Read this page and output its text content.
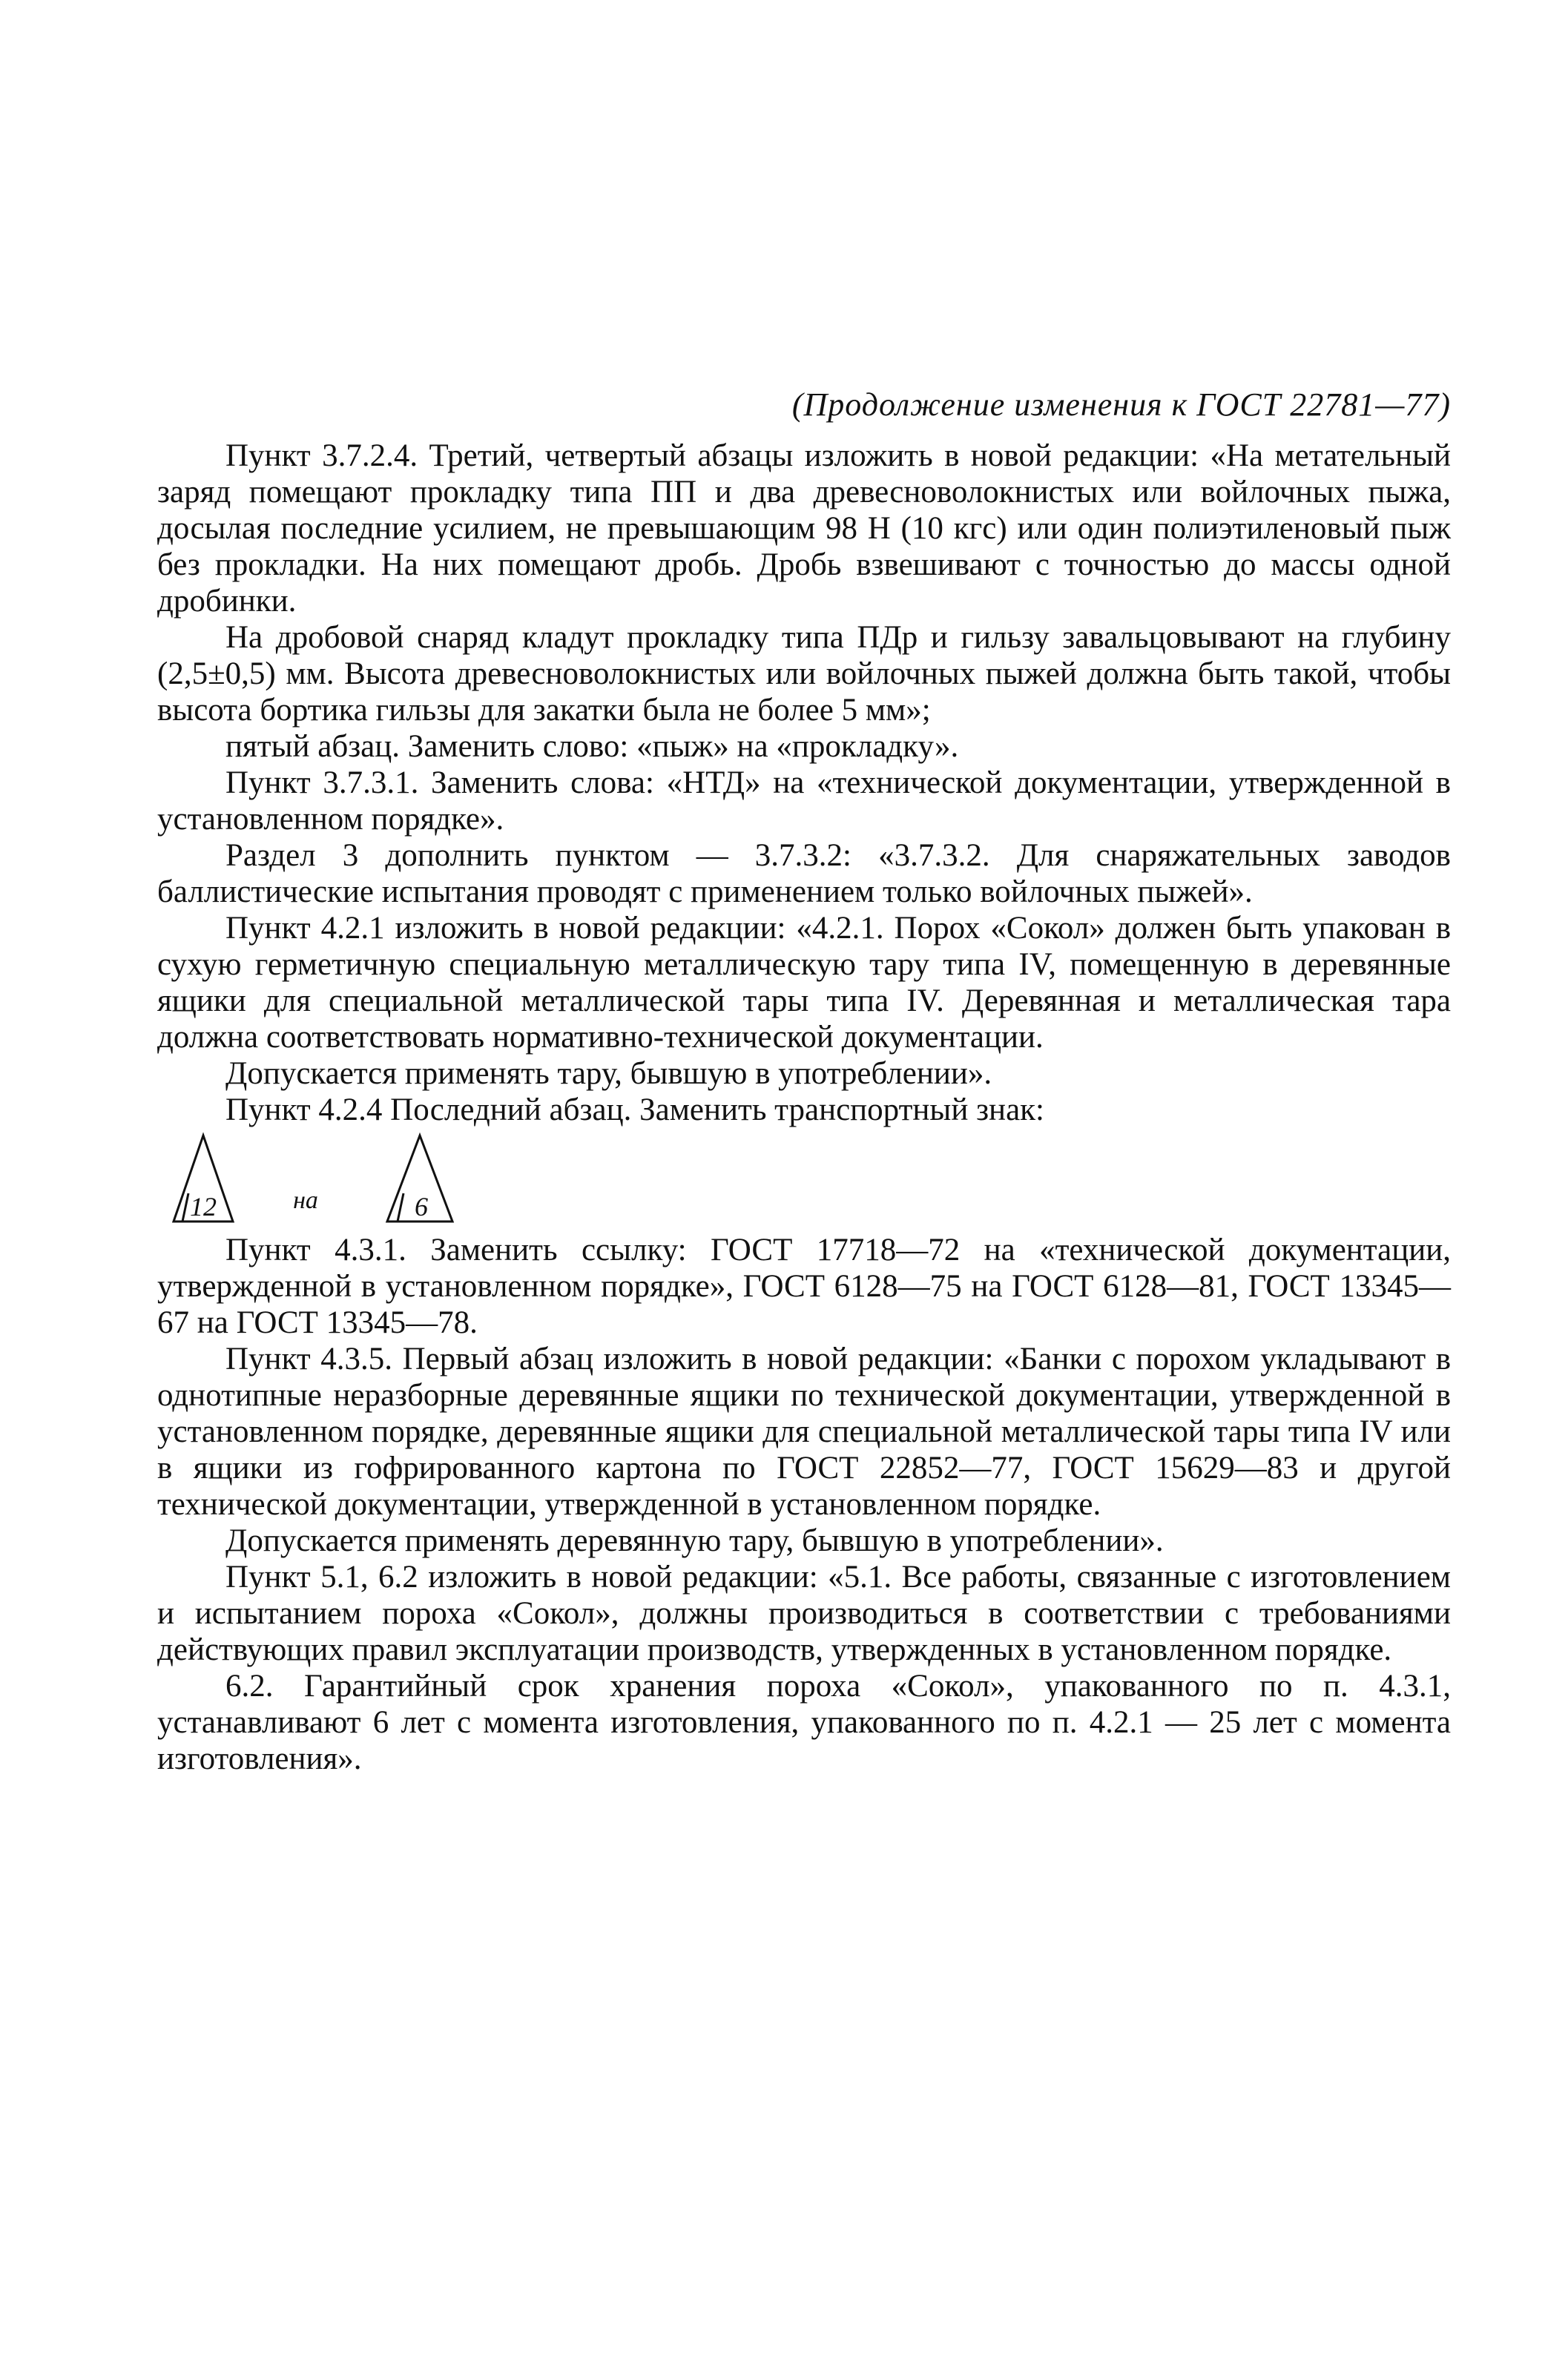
(Продолжение изменения к ГОСТ 22781—77)

Пункт 3.7.2.4. Третий, четвертый абзацы изложить в новой редакции: «На метательный заряд помещают прокладку типа ПП и два древесноволокнистых или войлочных пыжа, досылая последние усилием, не превышающим 98 Н (10 кгс) или один полиэтиленовый пыж без прокладки. На них помещают дробь. Дробь взвешивают с точностью до массы одной дробинки.

На дробовой снаряд кладут прокладку типа ПДр и гильзу завальцовывают на глубину (2,5±0,5) мм. Высота древесноволокнистых или войлочных пыжей должна быть такой, чтобы высота бортика гильзы для закатки была не более 5 мм»;

пятый абзац. Заменить слово: «пыж» на «прокладку».

Пункт 3.7.3.1. Заменить слова: «НТД» на «технической документации, утвержденной в установленном порядке».

Раздел 3 дополнить пунктом — 3.7.3.2: «3.7.3.2. Для снаряжательных заводов баллистические испытания проводят с применением только войлочных пыжей».

Пункт 4.2.1 изложить в новой редакции: «4.2.1. Порох «Сокол» должен быть упакован в сухую герметичную специальную металлическую тару типа IV, помещенную в деревянные ящики для специальной металлической тары типа IV. Деревянная и металлическая тара должна соответствовать нормативно-технической документации.

Допускается применять тару, бывшую в употреблении».

Пункт 4.2.4 Последний абзац. Заменить транспортный знак:

12	на	6

Пункт 4.3.1. Заменить ссылку: ГОСТ 17718—72 на «технической документации, утвержденной в установленном порядке», ГОСТ 6128—75 на ГОСТ 6128—81, ГОСТ 13345—67 на ГОСТ 13345—78.

Пункт 4.3.5. Первый абзац изложить в новой редакции: «Банки с порохом укладывают в однотипные неразборные деревянные ящики по технической документации, утвержденной в установленном порядке, деревянные ящики для специальной металлической тары типа IV или в ящики из гофрированного картона по ГОСТ 22852—77, ГОСТ 15629—83 и другой технической документации, утвержденной в установленном порядке.

Допускается применять деревянную тару, бывшую в употреблении».

Пункт 5.1, 6.2 изложить в новой редакции: «5.1. Все работы, связанные с изготовлением и испытанием пороха «Сокол», должны производиться в соответствии с требованиями действующих правил эксплуатации производств, утвержденных в установленном порядке.

6.2. Гарантийный срок хранения пороха «Сокол», упакованного по п. 4.3.1, устанавливают 6 лет с момента изготовления, упакованного по п. 4.2.1 — 25 лет с момента изготовления».
